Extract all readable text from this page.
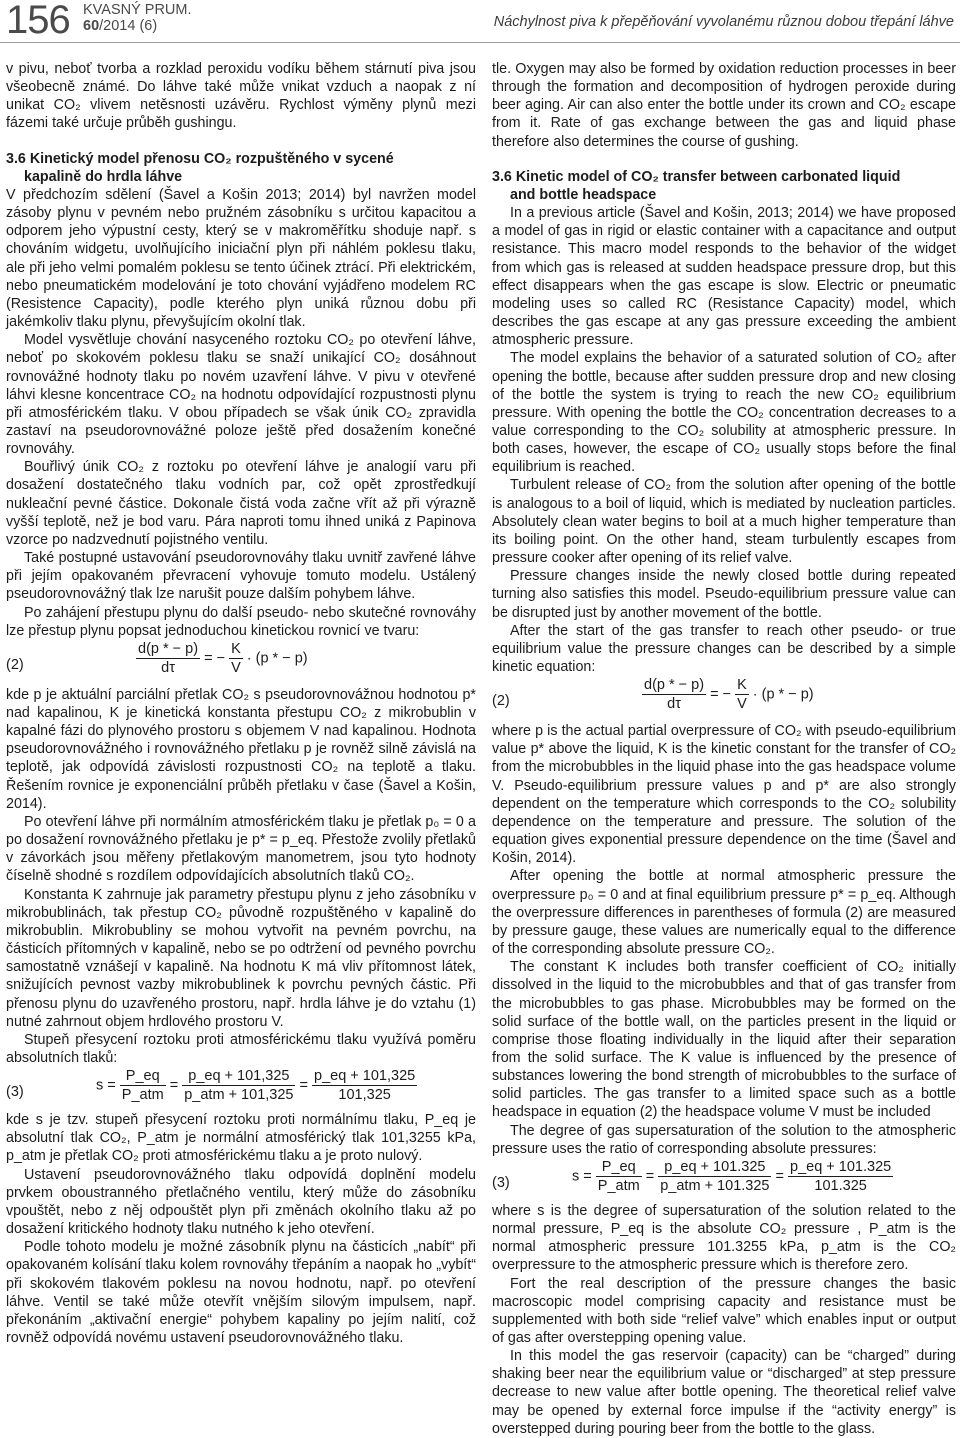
156 KVASNÝ PRUM.
60/2014 (6)	Náchylnost piva k přepěňování vyvolanému různou dobou třepání láhve

v pivu, neboť tvorba a rozklad peroxidu vodíku během stárnutí piva jsou všeobecně známé. Do láhve také může vnikat vzduch a naopak z ní unikat CO₂ vlivem netěsnosti uzávěru. Rychlost výměny plynů mezi fázemi také určuje průběh gushingu.

3.6 Kinetický model přenosu CO₂ rozpuštěného v sycené
kapalině do hrdla láhve

V předchozím sdělení (Šavel a Košin 2013; 2014) byl navržen model zásoby plynu v pevném nebo pružném zásobníku s určitou kapacitou a odporem jeho výpustní cesty, který se v makroměřítku shoduje např. s chováním widgetu, uvolňujícího iniciační plyn při náhlém poklesu tlaku, ale při jeho velmi pomalém poklesu se tento účinek ztrácí. Při elektrickém, nebo pneumatickém modelování je toto chování vyjádřeno modelem RC (Resistence Capacity), podle kterého plyn uniká různou dobu při jakémkoliv tlaku plynu, převyšujícím okolní tlak.

Model vysvětluje chování nasyceného roztoku CO₂ po otevření láhve, neboť po skokovém poklesu tlaku se snaží unikající CO₂ dosáhnout rovnovážné hodnoty tlaku po novém uzavření láhve. V pivu v otevřené láhvi klesne koncentrace CO₂ na hodnotu odpovídající rozpustnosti plynu při atmosférickém tlaku. V obou případech se však únik CO₂ zpravidla zastaví na pseudorovnovážné poloze ještě před dosažením konečné rovnováhy.

Bouřlivý únik CO₂ z roztoku po otevření láhve je analogií varu při dosažení dostatečného tlaku vodních par, což opět zprostředkují nukleační pevné částice. Dokonale čistá voda začne vřít až při výrazně vyšší teplotě, než je bod varu. Pára naproti tomu ihned uniká z Papinova vzorce po nadzvednutí pojistného ventilu.

Také postupné ustavování pseudorovnováhy tlaku uvnitř zavřené láhve při jejím opakovaném převracení vyhovuje tomuto modelu. Ustálený pseudorovnovážný tlak lze narušit pouze dalším pohybem láhve.

Po zahájení přestupu plynu do další pseudo- nebo skutečné rovnováhy lze přestup plynu popsat jednoduchou kinetickou rovnicí ve tvaru:

(2)	$\frac{d(p * - p)}{d\tau}$ = − $\frac{K}{V} \cdot (p$ * − p)

kde p je aktuální parciální přetlak CO₂ s pseudorovnovážnou hodnotou p* nad kapalinou, K je kinetická konstanta přestupu CO₂ z mikrobublin v kapalné fázi do plynového prostoru s objemem V nad kapalinou. Hodnota pseudorovnovážného i rovnovážného přetlaku p je rovněž silně závislá na teplotě, jak odpovídá závislosti rozpustnosti CO₂ na teplotě a tlaku. Řešením rovnice je exponenciální průběh přetlaku v čase (Šavel a Košin, 2014).

Po otevření láhve při normálním atmosférickém tlaku je přetlak p₀ = 0 a po dosažení rovnovážného přetlaku je p* = p_eq. Přestože zvolily přetlaků v závorkách jsou měřeny přetlakovým manometrem, jsou tyto hodnoty číselně shodné s rozdílem odpovídajících absolutních tlaků CO₂.

Konstanta K zahrnuje jak parametry přestupu plynu z jeho zásobníku v mikrobublinách, tak přestup CO₂ původně rozpuštěného v kapalině do mikrobublin. Mikrobubliny se mohou vytvořit na pevném povrchu, na částicích přítomných v kapalině, nebo se po odtržení od pevného povrchu samostatně vznášejí v kapalině. Na hodnotu K má vliv přítomnost látek, snižujících pevnost vazby mikrobublinek k povrchu pevných částic. Při přenosu plynu do uzavřeného prostoru, např. hrdla láhve je do vztahu (1) nutné zahrnout objem hrdlového prostoru V.

Stupeň přesycení roztoku proti atmosférickému tlaku využívá poměru absolutních tlaků:

(3)	$s = \frac{P\_eq}{\text{P\_atm}} = \frac{p\_eq + 101,325}{\text{p\_atm + 101,325}} = \frac{p\_eq + 101,325}{101,325}$

kde s je tzv. stupeň přesycení roztoku proti normálnímu tlaku, P_eq je absolutní tlak CO₂, P_atm je normální atmosférický tlak 101,3255 kPa, p_atm je přetlak CO₂ proti atmosférickému tlaku a je proto nulový.

Ustavení pseudorovnovážného tlaku odpovídá doplnění modelu prvkem oboustranného přetlačného ventilu, který může do zásobníku vpouštět, nebo z něj odpouštět plyn při změnách okolního tlaku až po dosažení kritického hodnoty tlaku nutného k jeho otevření.

Podle tohoto modelu je možné zásobník plynu na částicích „nabít“ při opakovaném kolísání tlaku kolem rovnováhy třepáním a naopak ho „vybít“ při skokovém tlakovém poklesu na novou hodnotu, např. po otevření láhve. Ventil se také může otevřít vnějším silovým impulsem, např. překonáním „aktivační energie“ pohybem kapaliny po jejím nalití, což rovněž odpovídá novému ustavení pseudorovnovážného tlaku.

tle. Oxygen may also be formed by oxidation reduction processes in beer through the formation and decomposition of hydrogen peroxide during beer aging. Air can also enter the bottle under its crown and CO₂ escape from it. Rate of gas exchange between the gas and liquid phase therefore also determines the course of gushing.

3.6 Kinetic model of CO₂ transfer between carbonated liquid
and bottle headspace

In a previous article (Šavel and Košin, 2013; 2014) we have proposed a model of gas in rigid or elastic container with a capacitance and output resistance. This macro model responds to the behavior of the widget from which gas is released at sudden headspace pressure drop, but this effect disappears when the gas escape is slow. Electric or pneumatic modeling uses so called RC (Resistance Capacity) model, which describes the gas escape at any gas pressure exceeding the ambient atmospheric pressure.

The model explains the behavior of a saturated solution of CO₂ after opening the bottle, because after sudden pressure drop and new closing of the bottle the system is trying to reach the new CO₂ equilibrium pressure. With opening the bottle the CO₂ concentration decreases to a value corresponding to the CO₂ solubility at atmospheric pressure. In both cases, however, the escape of CO₂ usually stops before the final equilibrium is reached.

Turbulent release of CO₂ from the solution after opening of the bottle is analogous to a boil of liquid, which is mediated by nucleation particles. Absolutely clean water begins to boil at a much higher temperature than its boiling point. On the other hand, steam turbulently escapes from pressure cooker after opening of its relief valve.

Pressure changes inside the newly closed bottle during repeated turning also satisfies this model. Pseudo-equilibrium pressure value can be disrupted just by another movement of the bottle.

After the start of the gas transfer to reach other pseudo- or true equilibrium value the pressure changes can be described by a simple kinetic equation:

(2)	$\frac{d(p * - p)}{d\tau}$ = − $\frac{K}{V} \cdot (p$ * − p)

where p is the actual partial overpressure of CO₂ with pseudo-equilibrium value p* above the liquid, K is the kinetic constant for the transfer of CO₂ from the microbubbles in the liquid phase into the gas headspace volume V. Pseudo-equilibrium pressure values p and p* are also strongly dependent on the temperature which corresponds to the CO₂ solubility dependence on the temperature and pressure. The solution of the equation gives exponential pressure dependence on the time (Šavel and Košin, 2014).

After opening the bottle at normal atmospheric pressure the overpressure p₀ = 0 and at final equilibrium pressure p* = p_eq. Although the overpressure differences in parentheses of formula (2) are measured by pressure gauge, these values are numerically equal to the difference of the corresponding absolute pressure CO₂.

The constant K includes both transfer coefficient of CO₂ initially dissolved in the liquid to the microbubbles and that of gas transfer from the microbubbles to gas phase. Microbubbles may be formed on the solid surface of the bottle wall, on the particles present in the liquid or comprise those floating individually in the liquid after their separation from the solid surface. The K value is influenced by the presence of substances lowering the bond strength of microbubbles to the surface of solid particles. The gas transfer to a limited space such as a bottle headspace in equation (2) the headspace volume V must be included

The degree of gas supersaturation of the solution to the atmospheric pressure uses the ratio of corresponding absolute pressures:

(3)	$s = \frac{P\_eq}{\text{P\_atm}} = \frac{p\_eq + 101.325}{\text{p\_atm + 101.325}} = \frac{p\_eq + 101.325}{101.325}$

where s is the degree of supersaturation of the solution related to the normal pressure, P_eq is the absolute CO₂ pressure , P_atm is the normal atmospheric pressure 101.3255 kPa, p_atm is the CO₂ overpressure to the atmospheric pressure which is therefore zero.

Fort the real description of the pressure changes the basic macroscopic model comprising capacity and resistance must be supplemented with both side “relief valve” which enables input or output of gas after overstepping opening value.

In this model the gas reservoir (capacity) can be “charged” during shaking beer near the equilibrium value or “discharged” at step pressure decrease to new value after bottle opening. The theoretical relief valve may be opened by external force impulse if the “activity energy” is overstepped during pouring beer from the bottle to the glass.
